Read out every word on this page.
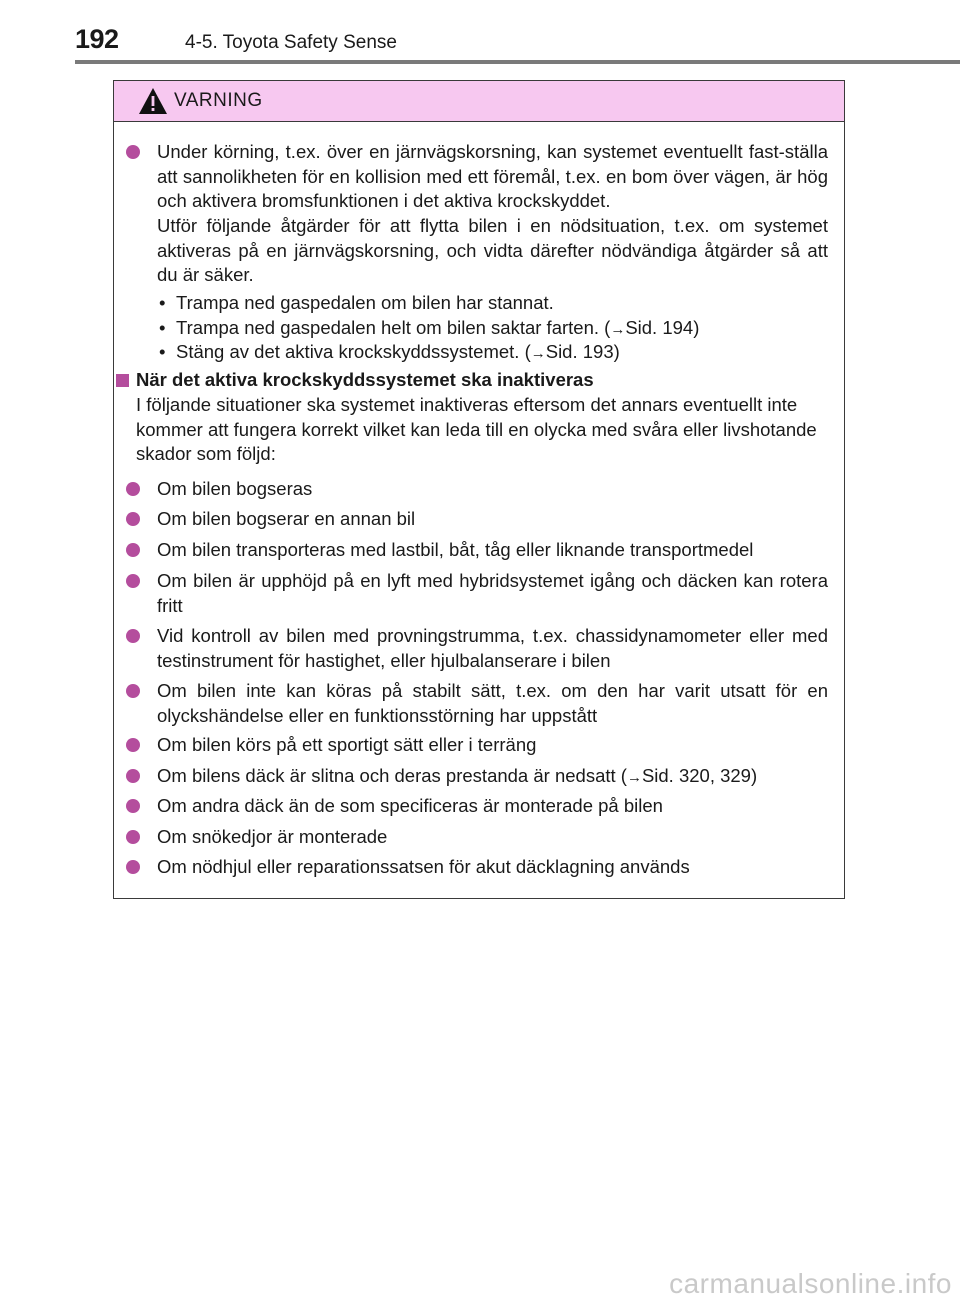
192	4-5. Toyota Safety Sense
VARNING
Under körning, t.ex. över en järnvägskorsning, kan systemet eventuellt fast-ställa att sannolikheten för en kollision med ett föremål, t.ex. en bom över vägen, är hög och aktivera bromsfunktionen i det aktiva krockskyddet.
Utför följande åtgärder för att flytta bilen i en nödsituation, t.ex. om systemet aktiveras på en järnvägskorsning, och vidta därefter nödvändiga åtgärder så att du är säker.
• Trampa ned gaspedalen om bilen har stannat.
• Trampa ned gaspedalen helt om bilen saktar farten. (→Sid. 194)
• Stäng av det aktiva krockskyddssystemet. (→Sid. 193)
När det aktiva krockskyddssystemet ska inaktiveras
I följande situationer ska systemet inaktiveras eftersom det annars eventuellt inte kommer att fungera korrekt vilket kan leda till en olycka med svåra eller livshotande skador som följd:
Om bilen bogseras
Om bilen bogserar en annan bil
Om bilen transporteras med lastbil, båt, tåg eller liknande transportmedel
Om bilen är upphöjd på en lyft med hybridsystemet igång och däcken kan rotera fritt
Vid kontroll av bilen med provningstrumma, t.ex. chassidynamometer eller med testinstrument för hastighet, eller hjulbalanserare i bilen
Om bilen inte kan köras på stabilt sätt, t.ex. om den har varit utsatt för en olyckshändelse eller en funktionsstörning har uppstått
Om bilen körs på ett sportigt sätt eller i terräng
Om bilens däck är slitna och deras prestanda är nedsatt (→Sid. 320, 329)
Om andra däck än de som specificeras är monterade på bilen
Om snökedjor är monterade
Om nödhjul eller reparationssatsen för akut däcklagning används
carmanualsonline.info
